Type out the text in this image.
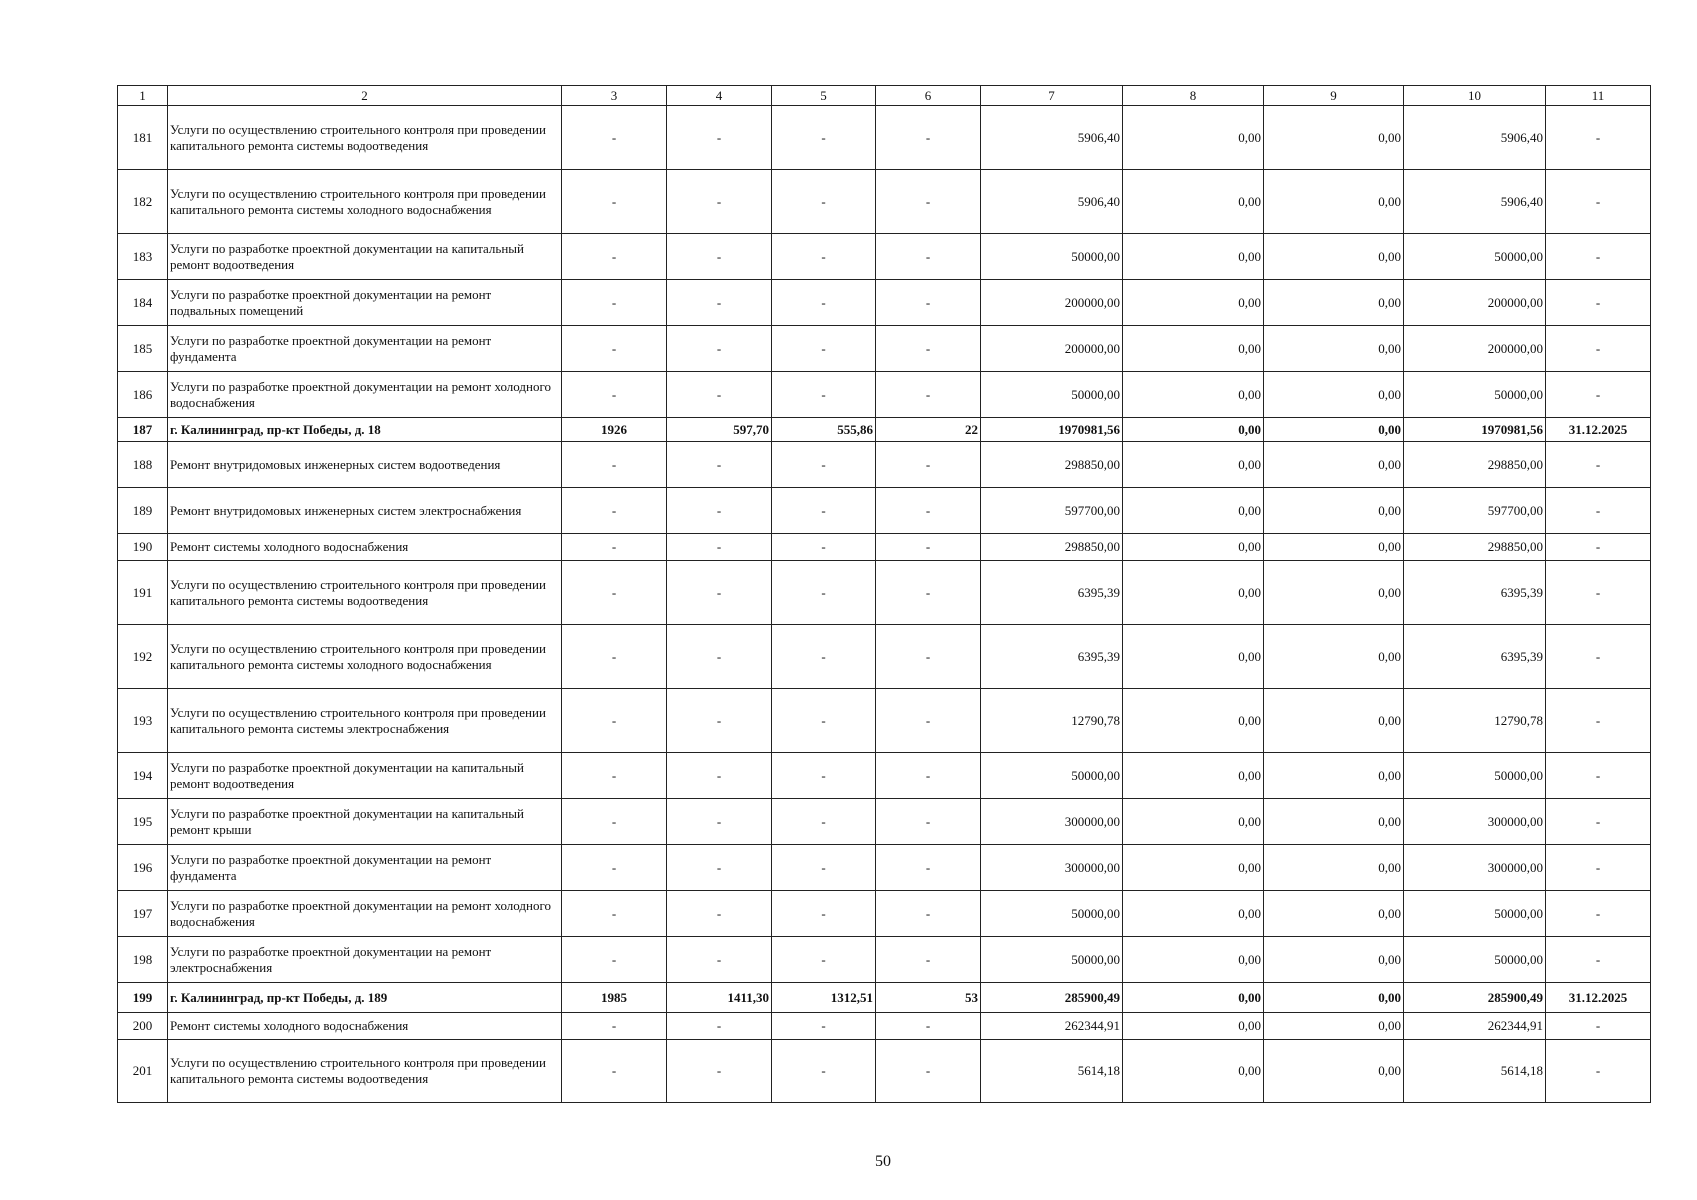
1	2	3	4	5	6	7	8	9	10	11
181	Услуги по осуществлению строительного контроля при проведении капитального ремонта системы водоотведения	-	-	-	-	5906,40	0,00	0,00	5906,40	-
182	Услуги по осуществлению строительного контроля при проведении капитального ремонта системы холодного водоснабжения	-	-	-	-	5906,40	0,00	0,00	5906,40	-
183	Услуги по разработке проектной документации на капитальный ремонт водоотведения	-	-	-	-	50000,00	0,00	0,00	50000,00	-
184	Услуги по разработке проектной документации на ремонт подвальных помещений	-	-	-	-	200000,00	0,00	0,00	200000,00	-
185	Услуги по разработке проектной документации на ремонт фундамента	-	-	-	-	200000,00	0,00	0,00	200000,00	-
186	Услуги по разработке проектной документации на ремонт холодного водоснабжения	-	-	-	-	50000,00	0,00	0,00	50000,00	-
187	г. Калининград, пр-кт Победы, д. 18	1926	597,70	555,86	22	1970981,56	0,00	0,00	1970981,56	31.12.2025
188	Ремонт внутридомовых инженерных систем водоотведения	-	-	-	-	298850,00	0,00	0,00	298850,00	-
189	Ремонт внутридомовых инженерных систем электроснабжения	-	-	-	-	597700,00	0,00	0,00	597700,00	-
190	Ремонт системы холодного водоснабжения	-	-	-	-	298850,00	0,00	0,00	298850,00	-
191	Услуги по осуществлению строительного контроля при проведении капитального ремонта системы водоотведения	-	-	-	-	6395,39	0,00	0,00	6395,39	-
192	Услуги по осуществлению строительного контроля при проведении капитального ремонта системы холодного водоснабжения	-	-	-	-	6395,39	0,00	0,00	6395,39	-
193	Услуги по осуществлению строительного контроля при проведении капитального ремонта системы электроснабжения	-	-	-	-	12790,78	0,00	0,00	12790,78	-
194	Услуги по разработке проектной документации на капитальный ремонт водоотведения	-	-	-	-	50000,00	0,00	0,00	50000,00	-
195	Услуги по разработке проектной документации на капитальный ремонт крыши	-	-	-	-	300000,00	0,00	0,00	300000,00	-
196	Услуги по разработке проектной документации на ремонт фундамента	-	-	-	-	300000,00	0,00	0,00	300000,00	-
197	Услуги по разработке проектной документации на ремонт холодного водоснабжения	-	-	-	-	50000,00	0,00	0,00	50000,00	-
198	Услуги по разработке проектной документации на ремонт электроснабжения	-	-	-	-	50000,00	0,00	0,00	50000,00	-
199	г. Калининград, пр-кт Победы, д. 189	1985	1411,30	1312,51	53	285900,49	0,00	0,00	285900,49	31.12.2025
200	Ремонт системы холодного водоснабжения	-	-	-	-	262344,91	0,00	0,00	262344,91	-
201	Услуги по осуществлению строительного контроля при проведении капитального ремонта системы водоотведения	-	-	-	-	5614,18	0,00	0,00	5614,18	-
50
